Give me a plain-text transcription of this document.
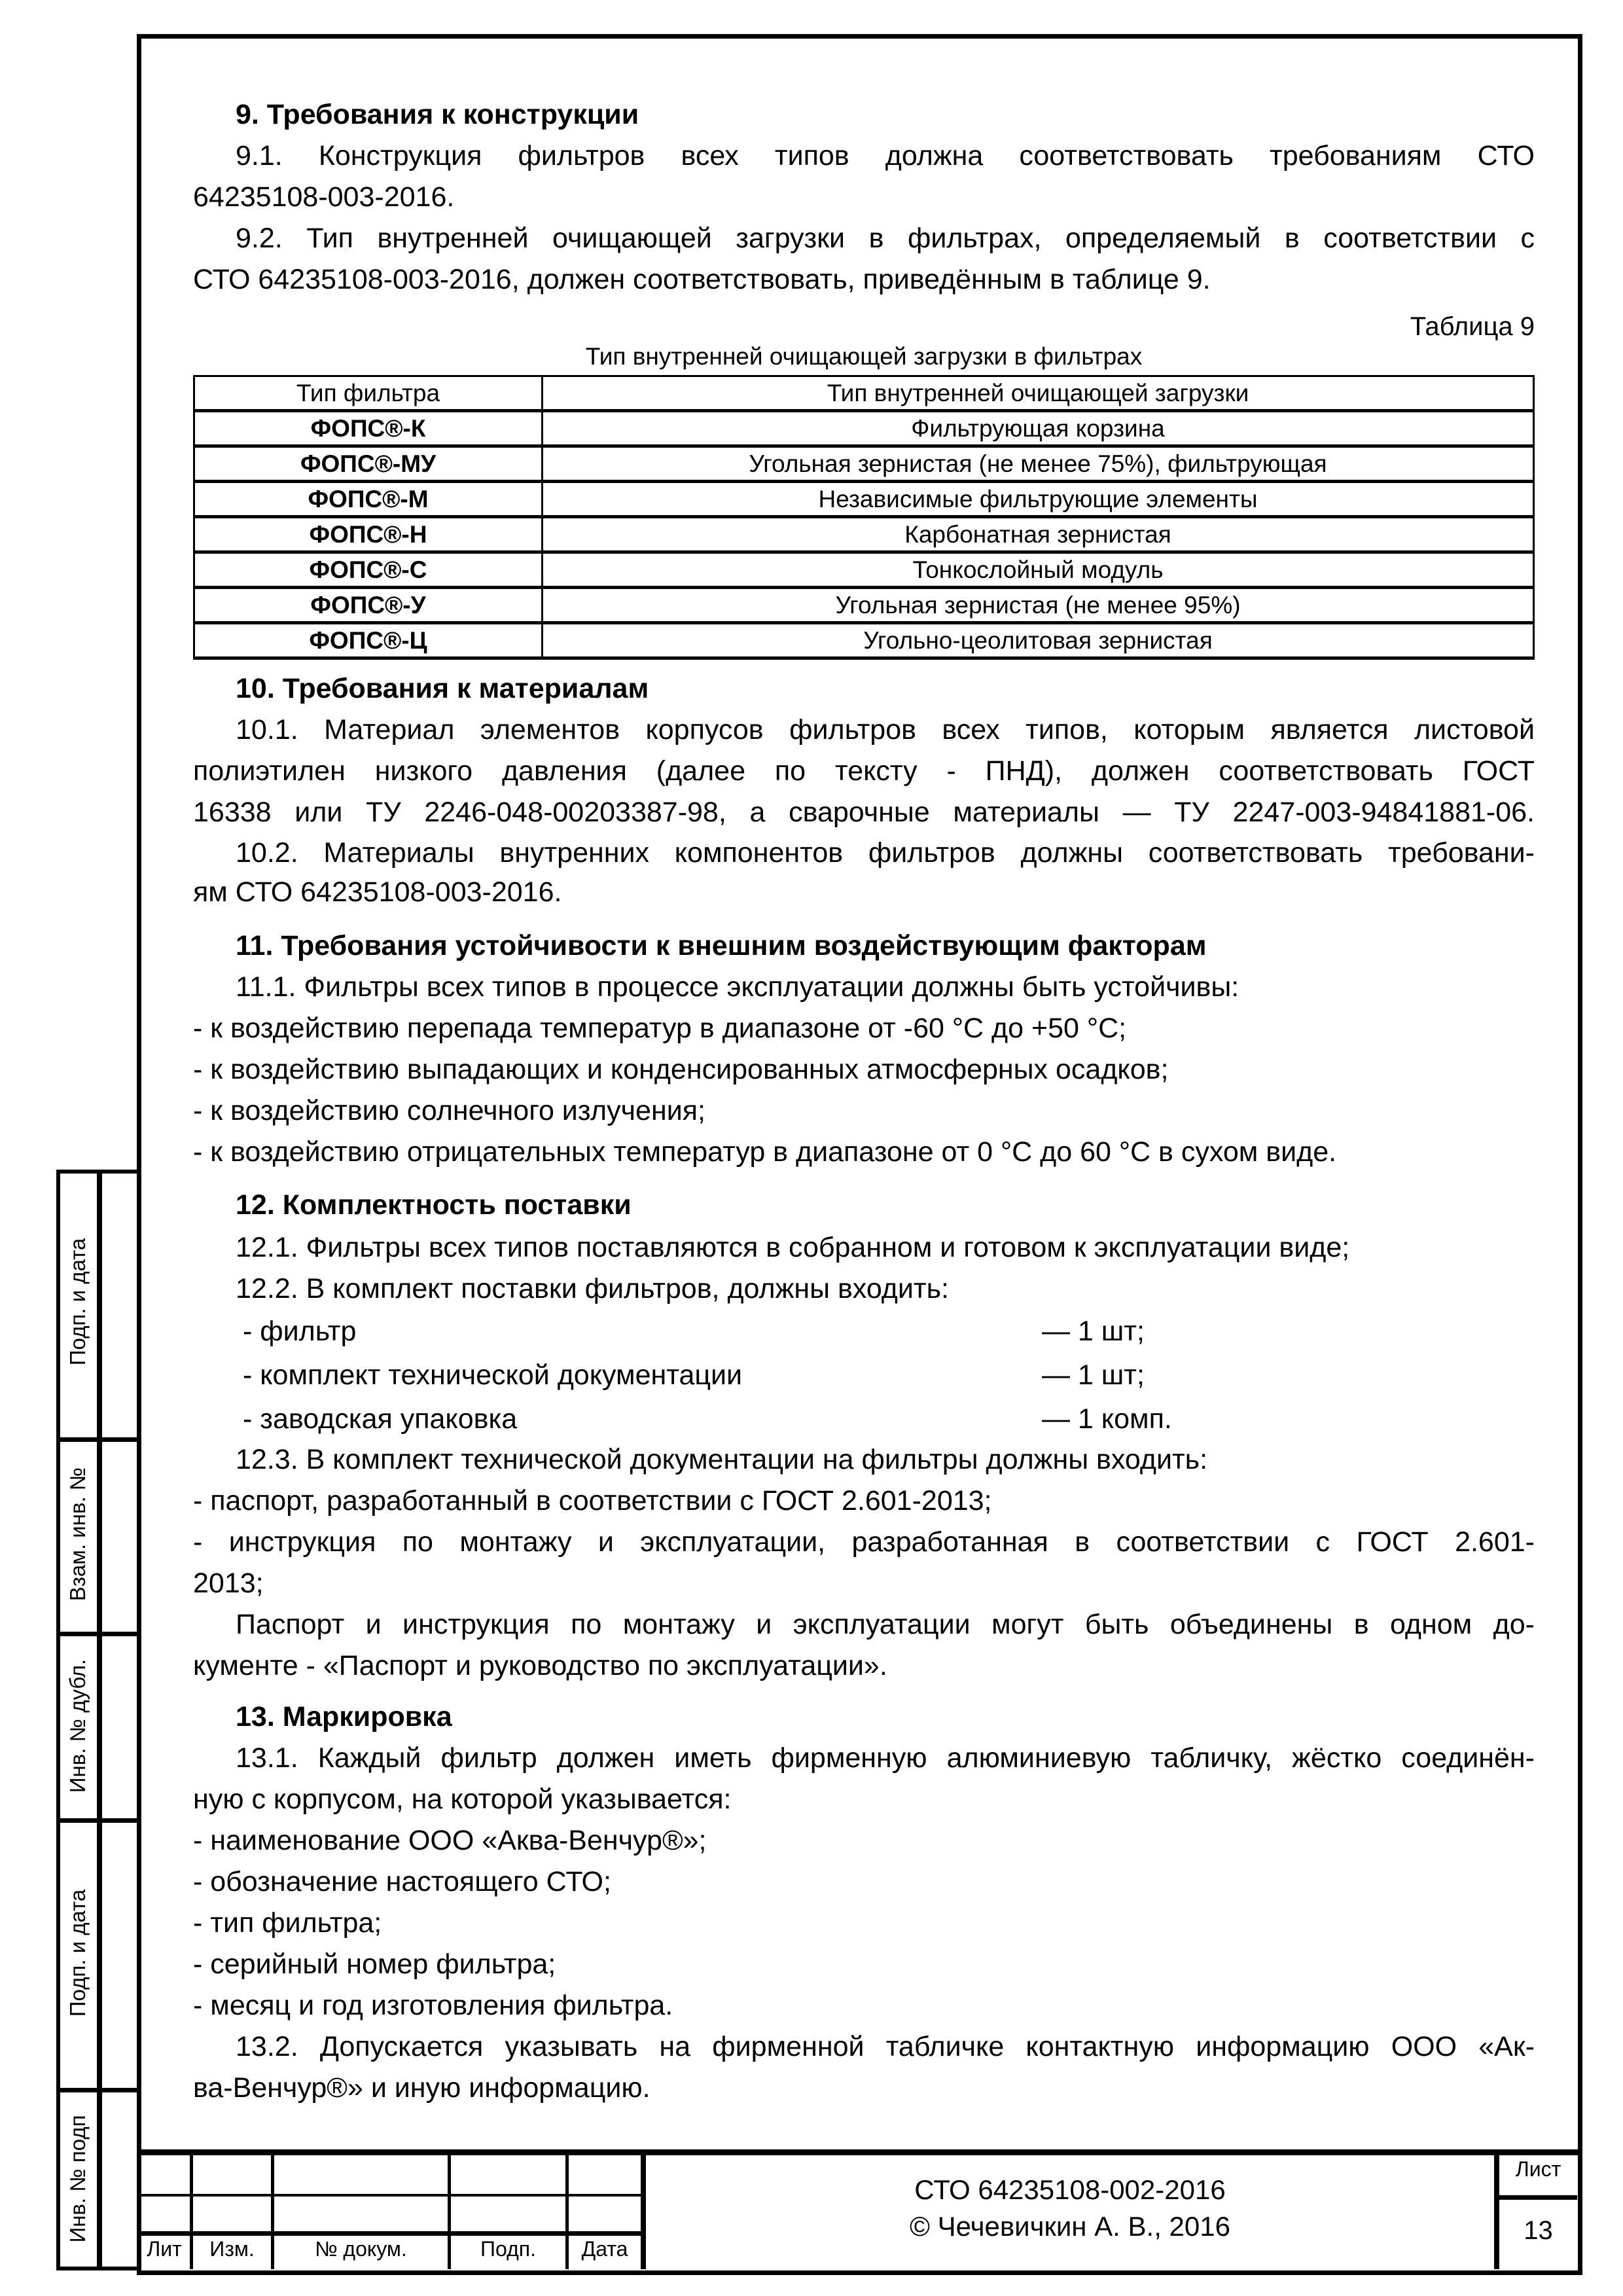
9. Требования к конструкции
9.1. Конструкция фильтров всех типов должна соответствовать требованиям СТО
64235108-003-2016.
9.2. Тип внутренней очищающей загрузки в фильтрах, определяемый в соответствии с
СТО 64235108-003-2016, должен соответствовать, приведённым в таблице 9.
Таблица 9
Тип внутренней очищающей загрузки в фильтрах
Тип фильтра	Тип внутренней очищающей загрузки
ФОПС®-К	Фильтрующая корзина
ФОПС®-МУ	Угольная зернистая (не менее 75%), фильтрующая
ФОПС®-М	Независимые фильтрующие элементы
ФОПС®-Н	Карбонатная зернистая
ФОПС®-С	Тонкослойный модуль
ФОПС®-У	Угольная зернистая (не менее 95%)
ФОПС®-Ц	Угольно-цеолитовая зернистая
10. Требования к материалам
10.1. Материал элементов корпусов фильтров всех типов, которым является листовой
полиэтилен низкого давления (далее по тексту - ПНД), должен соответствовать ГОСТ
16338 или ТУ 2246-048-00203387-98, а сварочные материалы — ТУ 2247-003-94841881-06.
10.2. Материалы внутренних компонентов фильтров должны соответствовать требовани-
ям СТО 64235108-003-2016.
11. Требования устойчивости к внешним воздействующим факторам
11.1. Фильтры всех типов в процессе эксплуатации должны быть устойчивы:
- к воздействию перепада температур в диапазоне от -60 °С до +50 °С;
- к воздействию выпадающих и конденсированных атмосферных осадков;
- к воздействию солнечного излучения;
- к воздействию отрицательных температур в диапазоне от 0 °С до 60 °С в сухом виде.
12. Комплектность поставки
12.1. Фильтры всех типов поставляются в собранном и готовом к эксплуатации виде;
12.2. В комплект поставки фильтров, должны входить:
- фильтр	— 1 шт;
- комплект технической документации	— 1 шт;
- заводская упаковка	— 1 комп.
12.3. В комплект технической документации на фильтры должны входить:
- паспорт, разработанный в соответствии с ГОСТ 2.601-2013;
- инструкция по монтажу и эксплуатации, разработанная в соответствии с ГОСТ 2.601-
2013;
Паспорт и инструкция по монтажу и эксплуатации могут быть объединены в одном до-
кументе - «Паспорт и руководство по эксплуатации».
13. Маркировка
13.1. Каждый фильтр должен иметь фирменную алюминиевую табличку, жёстко соединён-
ную с корпусом, на которой указывается:
- наименование ООО «Аква-Венчур®»;
- обозначение настоящего СТО;
- тип фильтра;
- серийный номер фильтра;
- месяц и год изготовления фильтра.
13.2. Допускается указывать на фирменной табличке контактную информацию ООО «Ак-
ва-Венчур®» и иную информацию.
Подп. и дата
Взам. инв. №
Инв. № дубл.
Подп. и дата
Инв. № подп
Лит	Изм.	№ докум.	Подп.	Дата
СТО 64235108-002-2016
© Чечевичкин А. В., 2016
Лист
13
